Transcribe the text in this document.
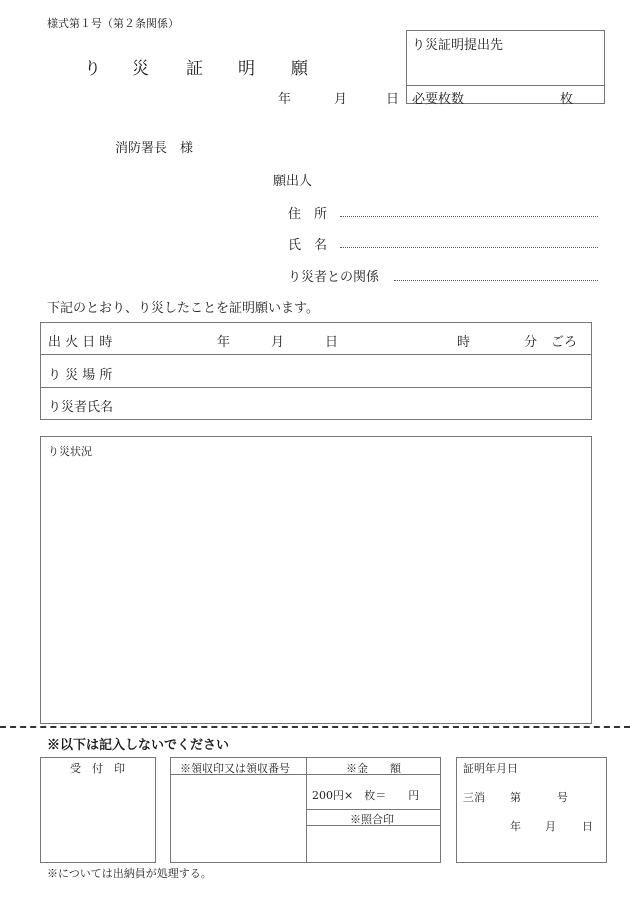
様式第１号（第２条関係）
り 災 証 明 願
年	月	日
り災証明提出先
必要枚数	枚
消防署長　様
願出人
住　所
氏　名
り災者との関係
下記のとおり、り災したことを証明願います。
出 火 日 時	年	月	日	時	分 ごろ
り 災 場 所
り災者氏名
り災状況
※以下は記入しないでください
受　付　印	※領収印又は領収番号	※金　　額
200円×　枚＝　　円
※照合印
証明年月日
三消 第	号
年 月 日
※については出納員が処理する。
